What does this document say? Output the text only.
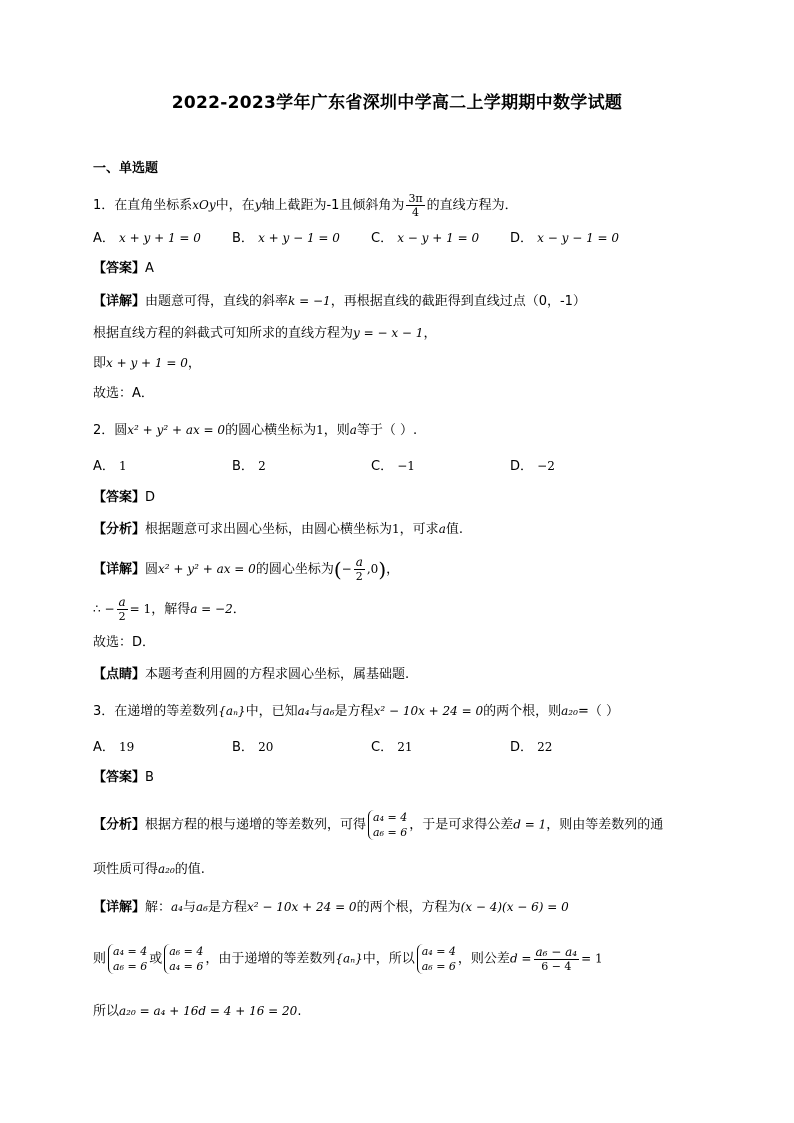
2022-2023学年广东省深圳中学高二上学期期中数学试题
一、单选题
1．在直角坐标系xOy中，在y轴上截距为-1且倾斜角为 $\frac{3\pi}{4}$ 的直线方程为．
A． x + y + 1 = 0 B． x + y − 1 = 0 C． x − y + 1 = 0 D． x − y − 1 = 0
【答案】A
【详解】由题意可得，直线的斜率k = −1，再根据直线的截距得到直线过点（0，-1）
根据直线方程的斜截式可知所求的直线方程为y = − x − 1，
即x + y + 1 = 0，
故选：A．
2．圆x² + y² + ax = 0的圆心横坐标为1，则a等于（ ）.
A． 1	B． 2	C． −1	D． −2
【答案】D
【分析】根据题意可求出圆心坐标，由圆心横坐标为1，可求a值.
【详解】圆x² + y² + ax = 0的圆心坐标为(− $\frac{a}{2} ,0$)，
∴ − $\frac{a}{2} = 1$，解得a = −2．
故选：D．
【点睛】本题考查利用圆的方程求圆心坐标，属基础题.
3．在递增的等差数列{aₙ}中，已知a₄与a₆是方程x² − 10x + 24 = 0的两个根，则a₂₀=（ ）
A． 19	B． 20	C． 21	D． 22
【答案】B
【分析】根据方程的根与递增的等差数列，可得 a₄ = 4
a₆ = 6 ，于是可求得公差d = 1，则由等差数列的通
项性质可得a₂₀的值.
【详解】解：a₄与a₆是方程x² − 10x + 24 = 0的两个根，方程为(x − 4)(x − 6) = 0
则 a₄ = 4
a₆ = 6 或 a₆ = 4
a₄ = 6 ，由于递增的等差数列{aₙ}中，所以 a₄ = 4
a₆ = 6 ，则公差$d = \frac{\text{a₆ − a₄}}{6 - 4} = 1$
所以a₂₀ = a₄ + 16d = 4 + 16 = 20.
